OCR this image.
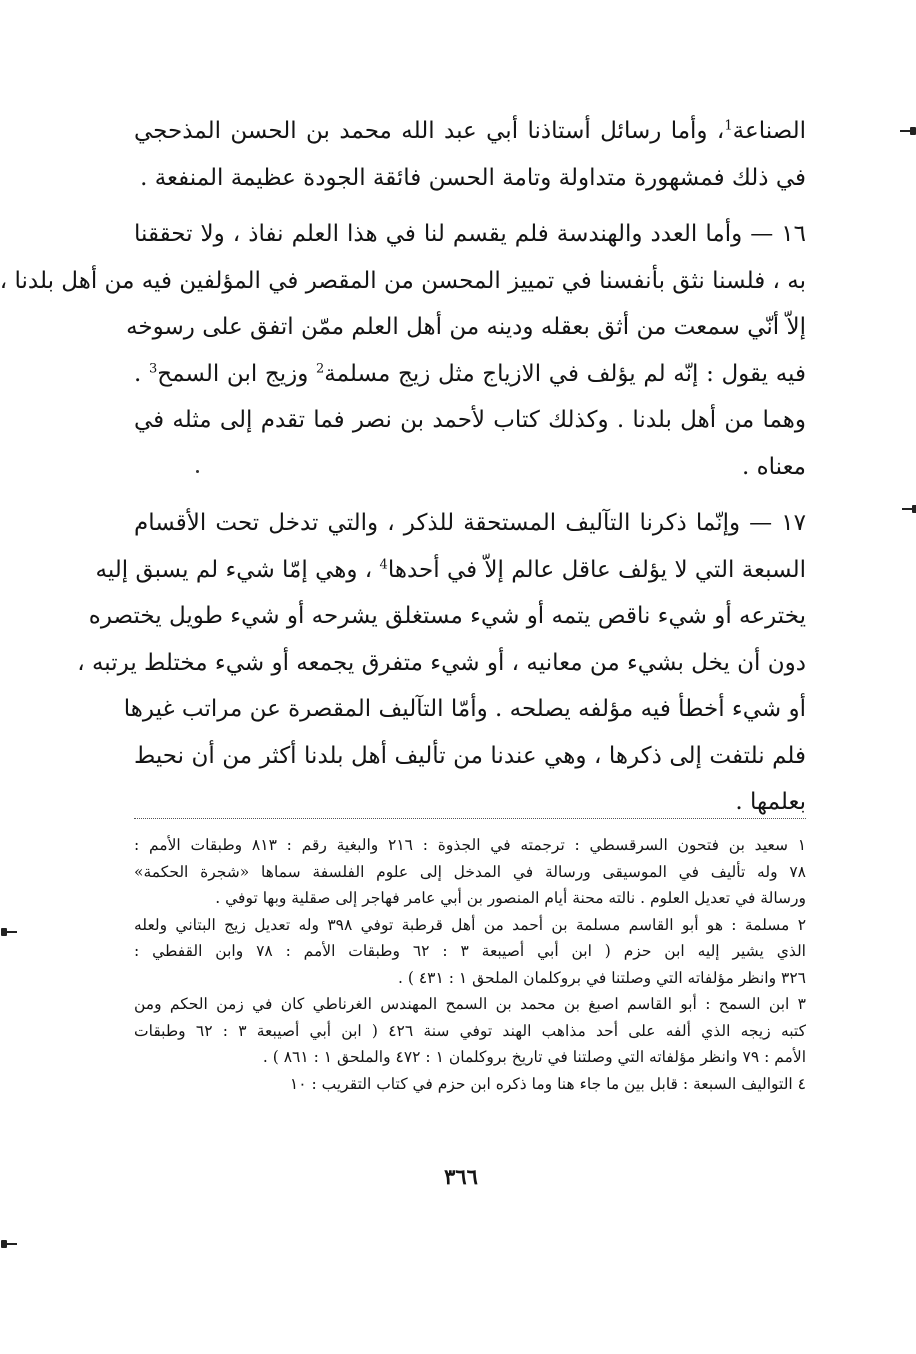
الصناعة$^1$، وأما رسائل أستاذنا أبي عبد الله محمد بن الحسن المذحجي
في ذلك فمشهورة متداولة وتامة الحسن فائقة الجودة عظيمة المنفعة .
١٦ — وأما العدد والهندسة فلم يقسم لنا في هذا العلم نفاذ ، ولا تحققنا
به ، فلسنا نثق بأنفسنا في تمييز المحسن من المقصر في المؤلفين فيه من أهل بلدنا ،
إلاّ أنّي سمعت من أثق بعقله ودينه من أهل العلم ممّن اتفق على رسوخه
فيه يقول : إنّه لم يؤلف في الازياج مثل زيج مسلمة$^2$ وزيج ابن السمح$^3$ .
وهما من أهل بلدنا . وكذلك كتاب لأحمد بن نصر فما تقدم إلى مثله في
معناه .
١٧ — وإنّما ذكرنا التآليف المستحقة للذكر ، والتي تدخل تحت الأقسام
السبعة التي لا يؤلف عاقل عالم إلاّ في أحدها$^4$ ، وهي إمّا شيء لم يسبق إليه
يخترعه أو شيء ناقص يتمه أو شيء مستغلق يشرحه أو شيء طويل يختصره
دون أن يخل بشيء من معانيه ، أو شيء متفرق يجمعه أو شيء مختلط يرتبه ،
أو شيء أخطأ فيه مؤلفه يصلحه . وأمّا التآليف المقصرة عن مراتب غيرها
فلم نلتفت إلى ذكرها ، وهي عندنا من تأليف أهل بلدنا أكثر من أن نحيط
بعلمها .
١ سعيد بن فتحون السرقسطي : ترجمته في الجذوة : ٢١٦ والبغية رقم : ٨١٣ وطبقات الأمم :
٧٨ وله تأليف في الموسيقى ورسالة في المدخل إلى علوم الفلسفة سماها «شجرة الحكمة»
ورسالة في تعديل العلوم . نالته محنة أيام المنصور بن أبي عامر فهاجر إلى صقلية وبها توفي .
٢ مسلمة : هو أبو القاسم مسلمة بن أحمد من أهل قرطبة توفي ٣٩٨ وله تعديل زيج البتاني ولعله
الذي يشير إليه ابن حزم ( ابن أبي أصيبعة ٣ : ٦٢ وطبقات الأمم : ٧٨ وابن القفطي :
٣٢٦ وانظر مؤلفاته التي وصلتنا في بروكلمان الملحق ١ : ٤٣١ ) .
٣ ابن السمح : أبو القاسم اصبغ بن محمد بن السمح المهندس الغرناطي كان في زمن الحكم ومن
كتبه زيجه الذي ألفه على أحد مذاهب الهند توفي سنة ٤٢٦ ( ابن أبي أصيبعة ٣ : ٦٢ وطبقات
الأمم : ٧٩ وانظر مؤلفاته التي وصلتنا في تاريخ بروكلمان ١ : ٤٧٢ والملحق ١ : ٨٦١ ) .
٤ التواليف السبعة : قابل بين ما جاء هنا وما ذكره ابن حزم في كتاب التقريب : ١٠
٣٦٦
